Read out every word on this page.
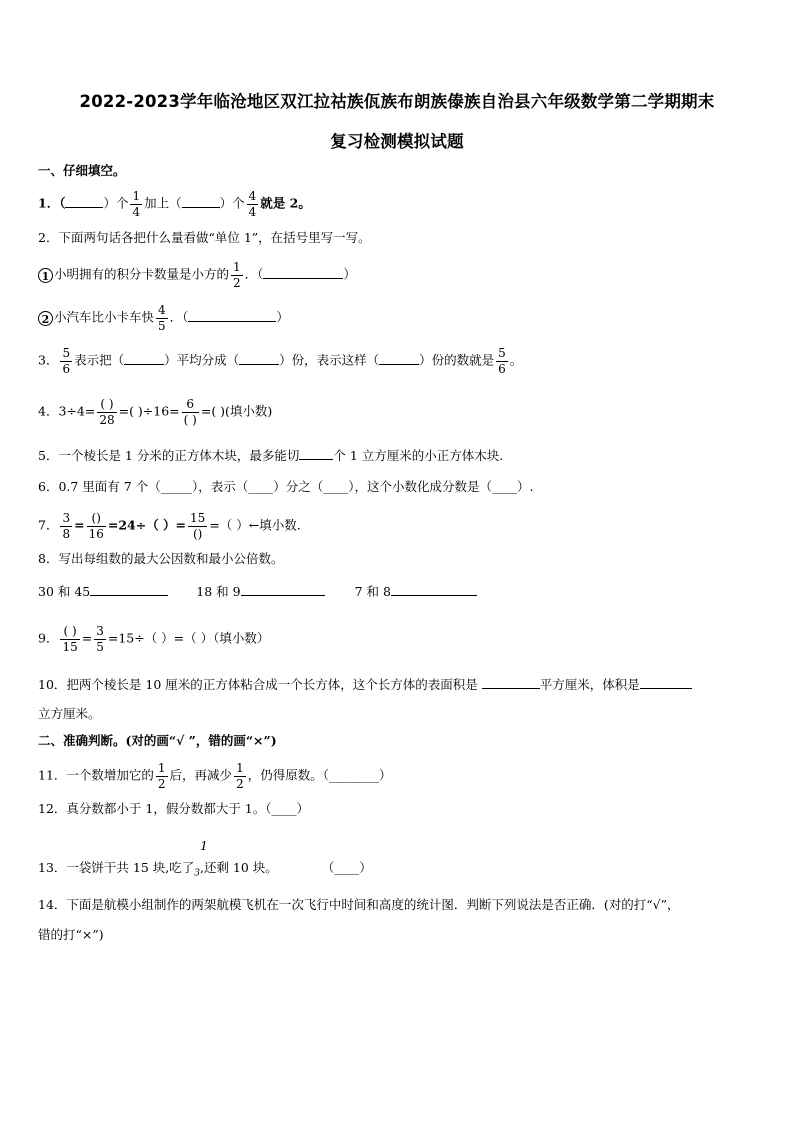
2022-2023学年临沧地区双江拉祜族佤族布朗族傣族自治县六年级数学第二学期期末
复习检测模拟试题
一、仔细填空。
1．（	）个 $\frac{1}{4}$ 加上（	）个 $\frac{4}{4}$ 就是 2。
2．下面两句话各把什么量看做“单位 1”，在括号里写一写。
1 小明拥有的积分卡数量是小方的 $\frac{1}{2}$ ．（	）
2 小汽车比小卡车快 $\frac{4}{5}$ ．（	）
3． $\frac{5}{6}$ 表示把（	）平均分成（	）份，表示这样（	）份的数就是 $\frac{5}{6}$ 。
4．$3\div 4= \frac{( )}{28}$ =( )$\div 16= \frac{6}{( )}$ =( )(填小数)
5．一个棱长是 1 分米的正方体木块，最多能切	个 1 立方厘米的小正方体木块.
6．0.7 里面有 7 个（_____），表示（____）分之（____），这个小数化成分数是（____）.
7． $\frac{3}{8} = \frac{()}{16} =24\div$（ ）= $\frac{15}{()}$ =（ ）←填小数.
8．写出每组数的最大公因数和最小公倍数。
30 和 45	18 和 9	7 和 8
9． $\frac{( )}{15} = \frac{3}{5} =15\div$（ ）=（ ）（填小数）
10．把两个棱长是 10 厘米的正方体粘合成一个长方体，这个长方体的表面积是	平方厘米，体积是
立方厘米。
二、准确判断。(对的画“√ ”，错的画“×”)
11．一个数增加它的 $\frac{1}{2}$ 后，再减少 $\frac{1}{2}$ ，仍得原数。（________）
12．真分数都小于 1，假分数都大于 1。（____）
1
13．一袋饼干共 15 块,吃了$_3$,还剩 10 块。	（____）
14．下面是航模小组制作的两架航模飞机在一次飞行中时间和高度的统计图．判断下列说法是否正确．(对的打“√”，
错的打“×”)
